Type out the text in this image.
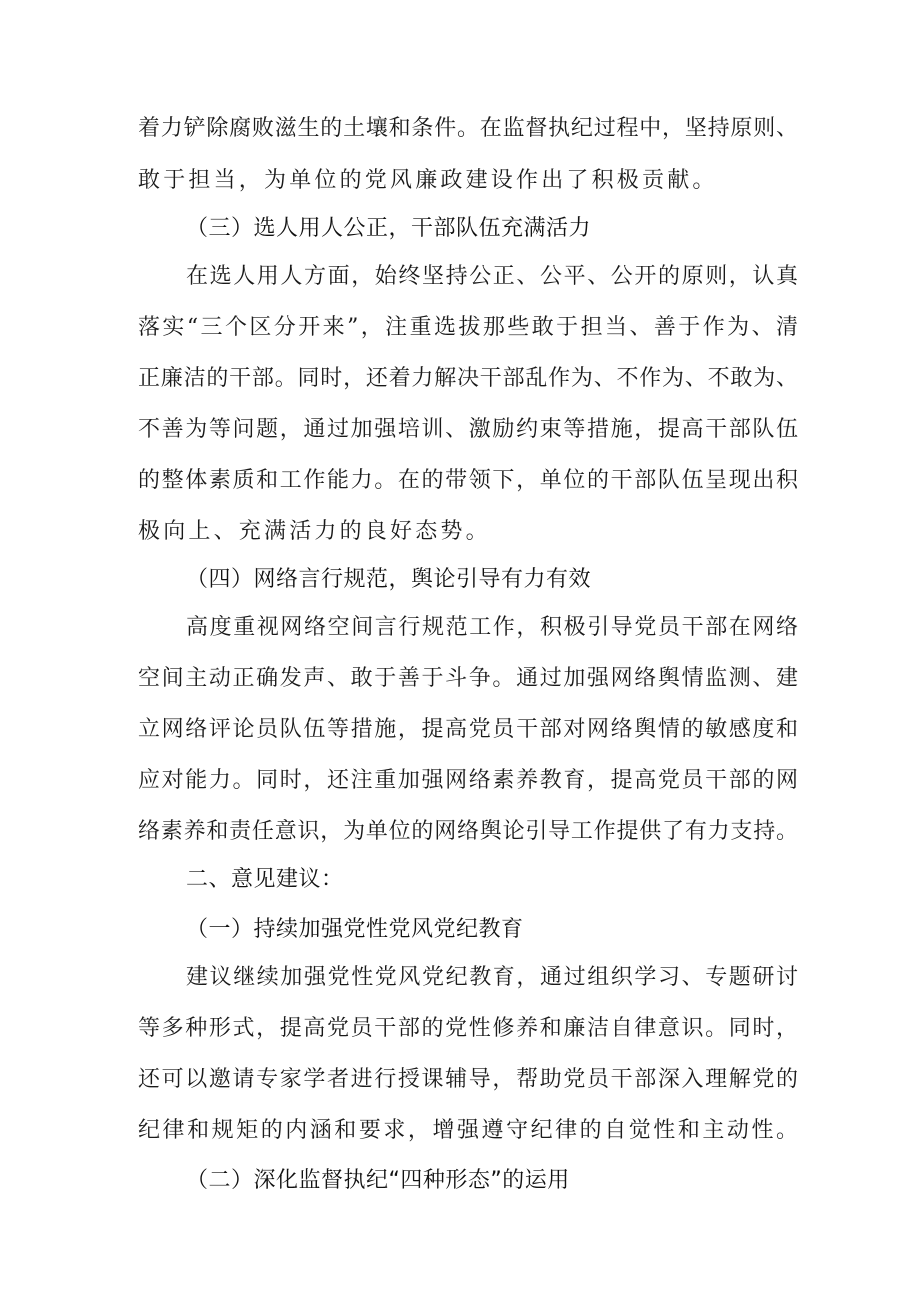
着力铲除腐败滋生的土壤和条件。在监督执纪过程中，坚持原则、
敢于担当，为单位的党风廉政建设作出了积极贡献。
（三）选人用人公正，干部队伍充满活力
在选人用人方面，始终坚持公正、公平、公开的原则，认真
落实“三个区分开来”，注重选拔那些敢于担当、善于作为、清
正廉洁的干部。同时，还着力解决干部乱作为、不作为、不敢为、
不善为等问题，通过加强培训、激励约束等措施，提高干部队伍
的整体素质和工作能力。在的带领下，单位的干部队伍呈现出积
极向上、充满活力的良好态势。
（四）网络言行规范，舆论引导有力有效
高度重视网络空间言行规范工作，积极引导党员干部在网络
空间主动正确发声、敢于善于斗争。通过加强网络舆情监测、建
立网络评论员队伍等措施，提高党员干部对网络舆情的敏感度和
应对能力。同时，还注重加强网络素养教育，提高党员干部的网
络素养和责任意识，为单位的网络舆论引导工作提供了有力支持。
二、意见建议：
（一）持续加强党性党风党纪教育
建议继续加强党性党风党纪教育，通过组织学习、专题研讨
等多种形式，提高党员干部的党性修养和廉洁自律意识。同时，
还可以邀请专家学者进行授课辅导，帮助党员干部深入理解党的
纪律和规矩的内涵和要求，增强遵守纪律的自觉性和主动性。
（二）深化监督执纪“四种形态”的运用
